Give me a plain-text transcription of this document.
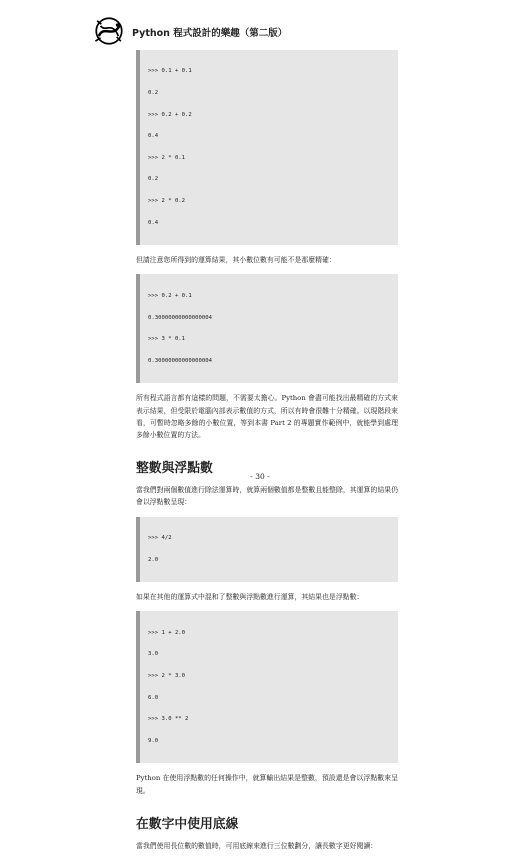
Python 程式設計的樂趣（第二版）

>>> 0.1 + 0.1

0.2

>>> 0.2 + 0.2

0.4

>>> 2 * 0.1

0.2

>>> 2 * 0.2

0.4

但請注意您所得到的運算結果，其小數位數有可能不是那麼精確：

>>> 0.2 + 0.1

0.30000000000000004

>>> 3 * 0.1

0.30000000000000004

所有程式語言都有這樣的問題，不需要太擔心。Python 會盡可能找出最精確的方式來表示結果，但受限於電腦內部表示數值的方式，所以有時會很難十分精確。以現階段來看，可暫時忽略多餘的小數位置，等到本書 Part 2 的專題實作範例中，就能學到處理多餘小數位置的方法。

整數與浮點數

當我們對兩個數值進行除法運算時，就算兩個數值都是整數且能整除，其運算的結果仍會以浮點數呈現：

>>> 4/2

2.0

如果在其他的運算式中混和了整數與浮點數進行運算，其結果也是浮點數：

>>> 1 + 2.0

3.0

>>> 2 * 3.0

6.0

>>> 3.0 ** 2

9.0

Python 在使用浮點數的任何操作中，就算輸出結果是整數，預設還是會以浮點數來呈現。

在數字中使用底線

當我們使用長位數的數值時，可用底線來進行三位數劃分，讓長數字更好閱讀：

- 30 -
